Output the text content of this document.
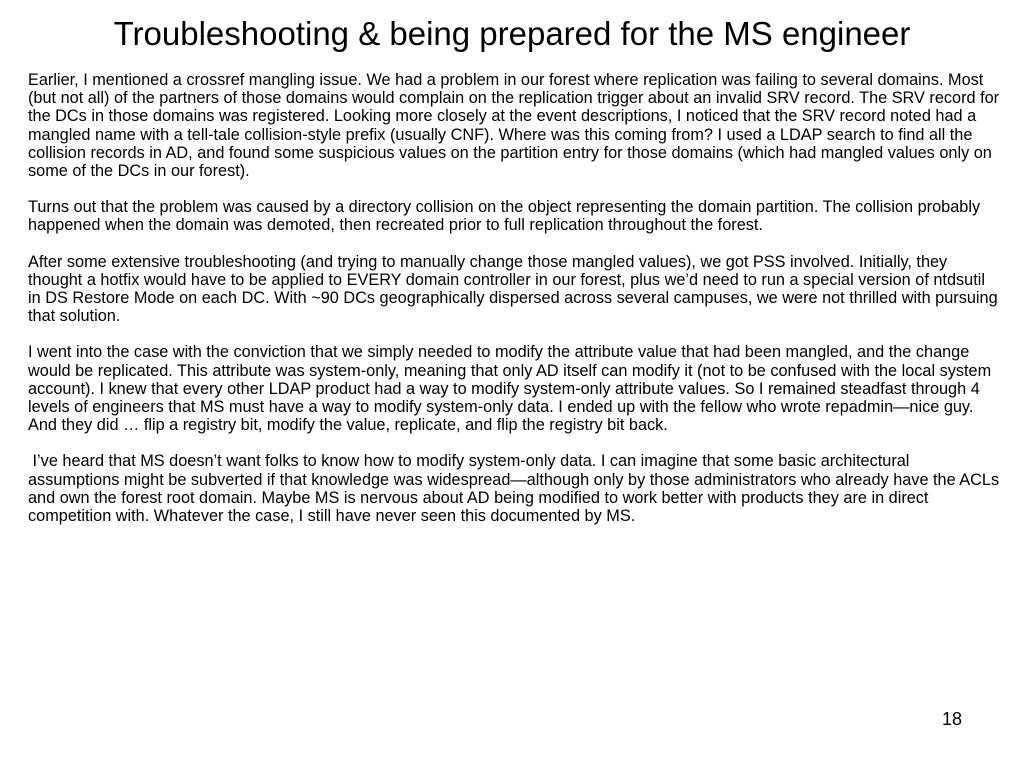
Troubleshooting & being prepared for the MS engineer

Earlier, I mentioned a crossref mangling issue. We had a problem in our forest where replication was failing to several domains. Most (but not all) of the partners of those domains would complain on the replication trigger about an invalid SRV record. The SRV record for the DCs in those domains was registered. Looking more closely at the event descriptions, I noticed that the SRV record noted had a mangled name with a tell-tale collision-style prefix (usually CNF). Where was this coming from? I used a LDAP search to find all the collision records in AD, and found some suspicious values on the partition entry for those domains (which had mangled values only on some of the DCs in our forest).

Turns out that the problem was caused by a directory collision on the object representing the domain partition. The collision probably happened when the domain was demoted, then recreated prior to full replication throughout the forest.

After some extensive troubleshooting (and trying to manually change those mangled values), we got PSS involved. Initially, they thought a hotfix would have to be applied to EVERY domain controller in our forest, plus we’d need to run a special version of ntdsutil in DS Restore Mode on each DC. With ~90 DCs geographically dispersed across several campuses, we were not thrilled with pursuing that solution.

I went into the case with the conviction that we simply needed to modify the attribute value that had been mangled, and the change would be replicated. This attribute was system-only, meaning that only AD itself can modify it (not to be confused with the local system account). I knew that every other LDAP product had a way to modify system-only attribute values. So I remained steadfast through 4 levels of engineers that MS must have a way to modify system-only data. I ended up with the fellow who wrote repadmin—nice guy. And they did … flip a registry bit, modify the value, replicate, and flip the registry bit back.

I’ve heard that MS doesn’t want folks to know how to modify system-only data. I can imagine that some basic architectural assumptions might be subverted if that knowledge was widespread—although only by those administrators who already have the ACLs and own the forest root domain. Maybe MS is nervous about AD being modified to work better with products they are in direct competition with. Whatever the case, I still have never seen this documented by MS.

18
